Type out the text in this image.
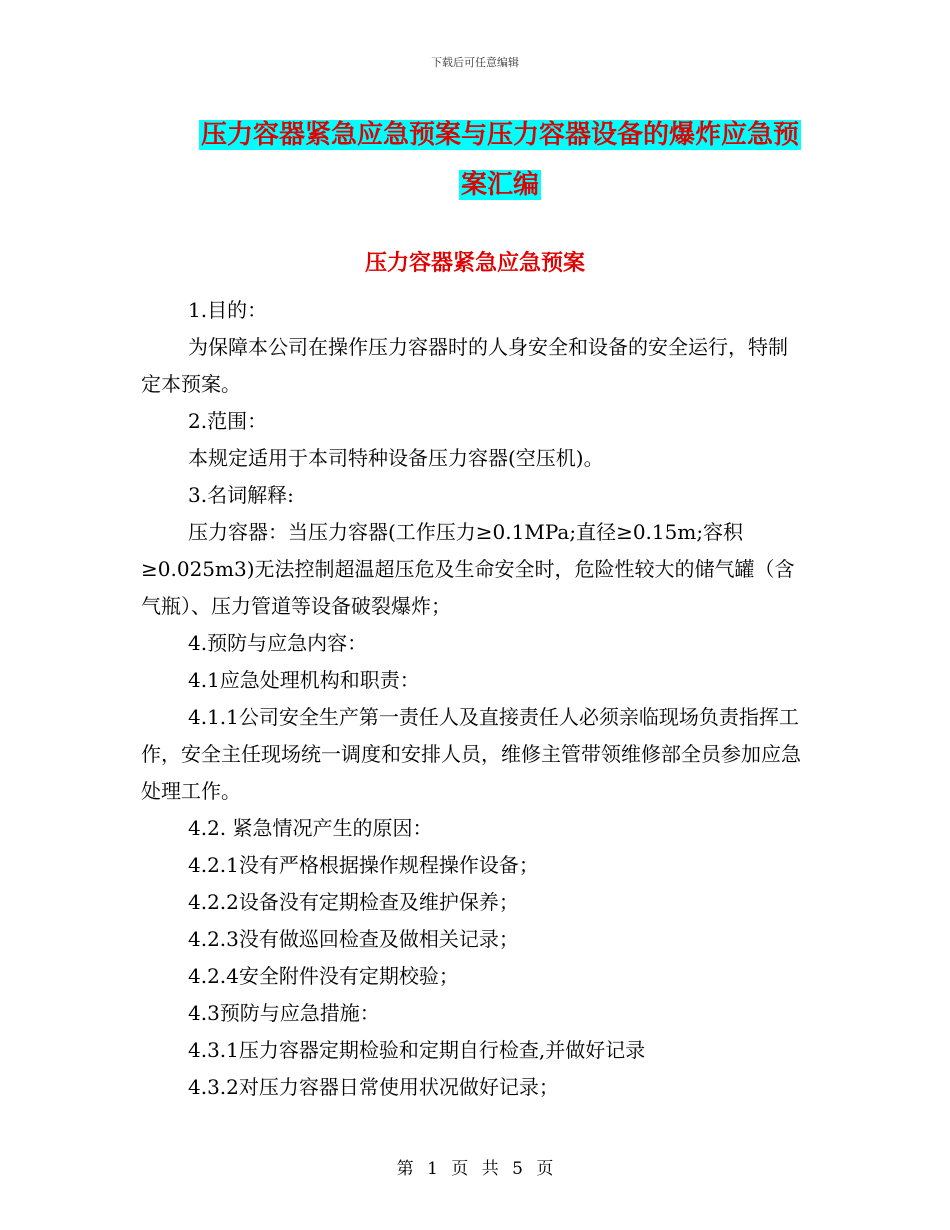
下载后可任意编辑
压力容器紧急应急预案与压力容器设备的爆炸应急预
案汇编
压力容器紧急应急预案

1.目的：

为保障本公司在操作压力容器时的人身安全和设备的安全运行，特制定本预案。

2.范围：

本规定适用于本司特种设备压力容器(空压机)。

3.名词解释:

压力容器：当压力容器(工作压力≥0.1MPa;直径≥0.15m;容积≥0.025m3)无法控制超温超压危及生命安全时，危险性较大的储气罐（含气瓶）、压力管道等设备破裂爆炸；

4.预防与应急内容：

4.1应急处理机构和职责：

4.1.1公司安全生产第一责任人及直接责任人必须亲临现场负责指挥工作，安全主任现场统一调度和安排人员，维修主管带领维修部全员参加应急处理工作。

4.2. 紧急情况产生的原因：

4.2.1没有严格根据操作规程操作设备；

4.2.2设备没有定期检查及维护保养；

4.2.3没有做巡回检查及做相关记录；

4.2.4安全附件没有定期校验；

4.3预防与应急措施：

4.3.1压力容器定期检验和定期自行检查,并做好记录

4.3.2对压力容器日常使用状况做好记录；

第 1 页 共 5 页
